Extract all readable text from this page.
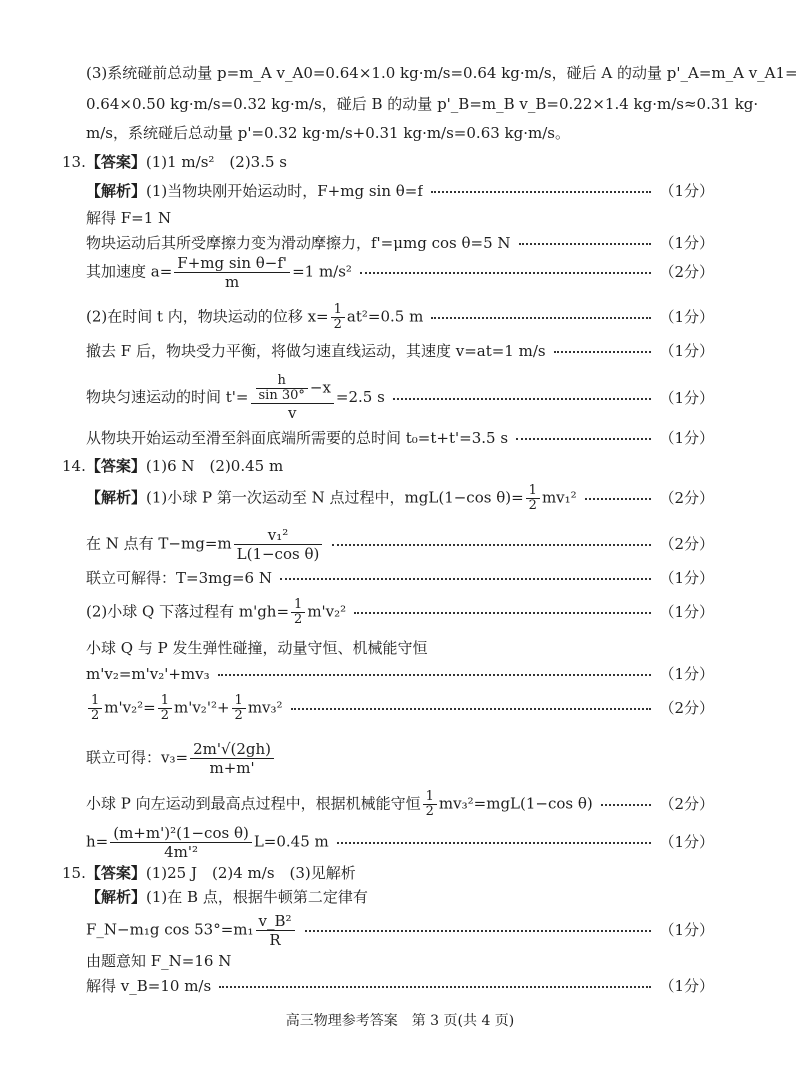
(3)系统碰前总动量 p=m_A v_A0=0.64×1.0 kg·m/s=0.64 kg·m/s，碰后 A 的动量 p'_A=m_A v_A1=
0.64×0.50 kg·m/s=0.32 kg·m/s，碰后 B 的动量 p'_B=m_B v_B=0.22×1.4 kg·m/s≈0.31 kg·
m/s，系统碰后总动量 p'=0.32 kg·m/s+0.31 kg·m/s=0.63 kg·m/s。
13.【答案】(1)1 m/s²　(2)3.5 s
【解析】(1)当物块刚开始运动时，F+mg sin θ=f	（1分）
解得 F=1 N
物块运动后其所受摩擦力变为滑动摩擦力，f'=μmg cos θ=5 N	（1分）
其加速度 $a= \frac{\text{F+mg sin θ−f'}}{m} =1$ m/s²	（2分）
(2)在时间 t 内，物块运动的位移 $x= \frac{1}{2} at^2=0.5$ m	（1分）
撤去 F 后，物块受力平衡，将做匀速直线运动，其速度 v=at=1 m/s	（1分）
物块匀速运动的时间 $t'= \frac{\frac{h}{\sin 30^\circ} -x}{v} =2.5$ s	（1分）
从物块开始运动至滑至斜面底端所需要的总时间 t₀=t+t'=3.5 s	（1分）
14.【答案】(1)6 N　(2)0.45 m
【解析】(1)小球 P 第一次运动至 N 点过程中，mgL(1−cos $\theta)= \frac{1}{2} mv_1^2$	（2分）
在 N 点有 $T-mg=m \frac{\text{v₁²}}{\text{L(1−cos θ)}}$	（2分）
联立可解得：T=3mg=6 N	（1分）
(2)小球 Q 下落过程有 $m'gh= \frac{1}{2} m'v_2^2$	（1分）
小球 Q 与 P 发生弹性碰撞，动量守恒、机械能守恒
m'v₂=m'v₂'+mv₃	（1分）
$\frac{1}{2} m'v_2^2= \frac{1}{2} m'v_2'^2+ \frac{1}{2} mv_3^2$	（2分）
联立可得：$v_3= \frac{2m'√(2gh)}{m+m'}$
小球 P 向左运动到最高点过程中，根据机械能守恒 $\frac{1}{2} mv_3^2=mgL(1-\cos$ θ)	（2分）
$h= \frac{\text{(m+m')²(1−cos θ)}}{\text{4m'²}} L=0.45$ m	（1分）
15.【答案】(1)25 J　(2)4 m/s　(3)见解析
【解析】(1)在 B 点，根据牛顿第二定律有
F_N−m₁g $\cos 53^\circ=m_1 \frac{\text{v\_B²}}{R}$	（1分）
由题意知 F_N=16 N
解得 v_B=10 m/s	（1分）
高三物理参考答案　第 3 页(共 4 页)
